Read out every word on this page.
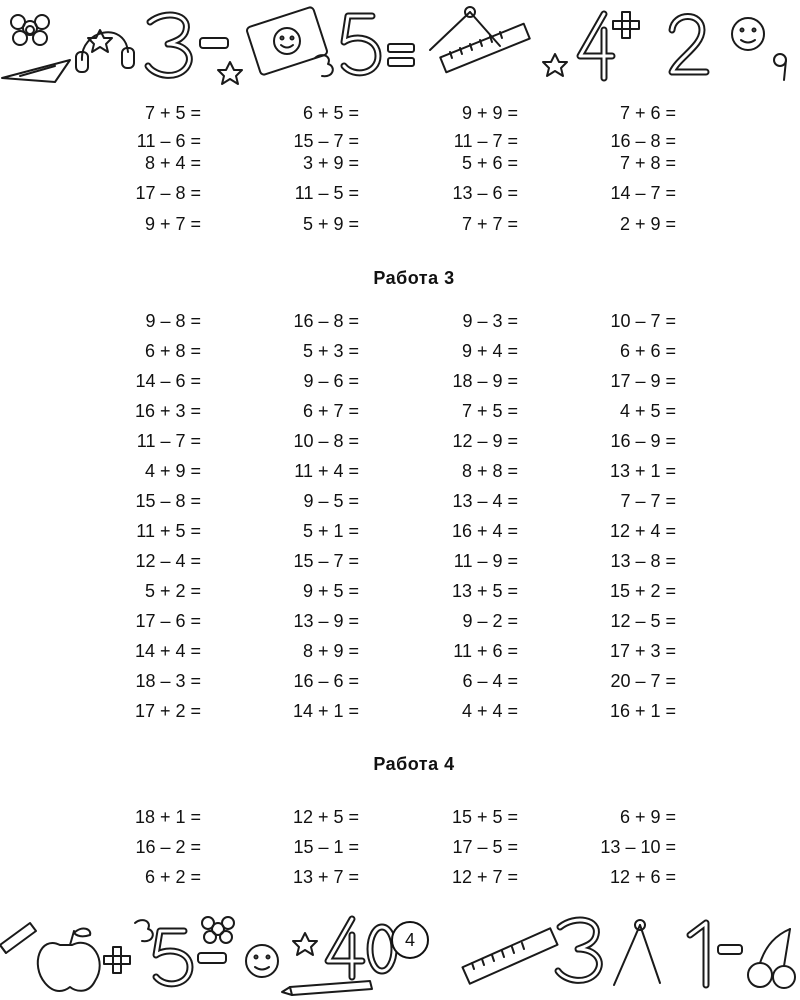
7 + 5 =	6 + 5 =	9 + 9 =	7 + 6 =
11 – 6 =	15 – 7 =	11 – 7 =	16 – 8 =
8 + 4 =	3 + 9 =	5 + 6 =	7 + 8 =
17 – 8 =	11 – 5 =	13 – 6 =	14 – 7 =
9 + 7 =	5 + 9 =	7 + 7 =	2 + 9 =
Работа 3
9 – 8 =	16 – 8 =	9 – 3 =	10 – 7 =
6 + 8 =	5 + 3 =	9 + 4 =	6 + 6 =
14 – 6 =	9 – 6 =	18 – 9 =	17 – 9 =
16 + 3 =	6 + 7 =	7 + 5 =	4 + 5 =
11 – 7 =	10 – 8 =	12 – 9 =	16 – 9 =
4 + 9 =	11 + 4 =	8 + 8 =	13 + 1 =
15 – 8 =	9 – 5 =	13 – 4 =	7 – 7 =
11 + 5 =	5 + 1 =	16 + 4 =	12 + 4 =
12 – 4 =	15 – 7 =	11 – 9 =	13 – 8 =
5 + 2 =	9 + 5 =	13 + 5 =	15 + 2 =
17 – 6 =	13 – 9 =	9 – 2 =	12 – 5 =
14 + 4 =	8 + 9 =	11 + 6 =	17 + 3 =
18 – 3 =	16 – 6 =	6 – 4 =	20 – 7 =
17 + 2 =	14 + 1 =	4 + 4 =	16 + 1 =
Работа 4
18 + 1 =	12 + 5 =	15 + 5 =	6 + 9 =
16 – 2 =	15 – 1 =	17 – 5 =	13 – 10 =
6 + 2 =	13 + 7 =	12 + 7 =	12 + 6 =
4
